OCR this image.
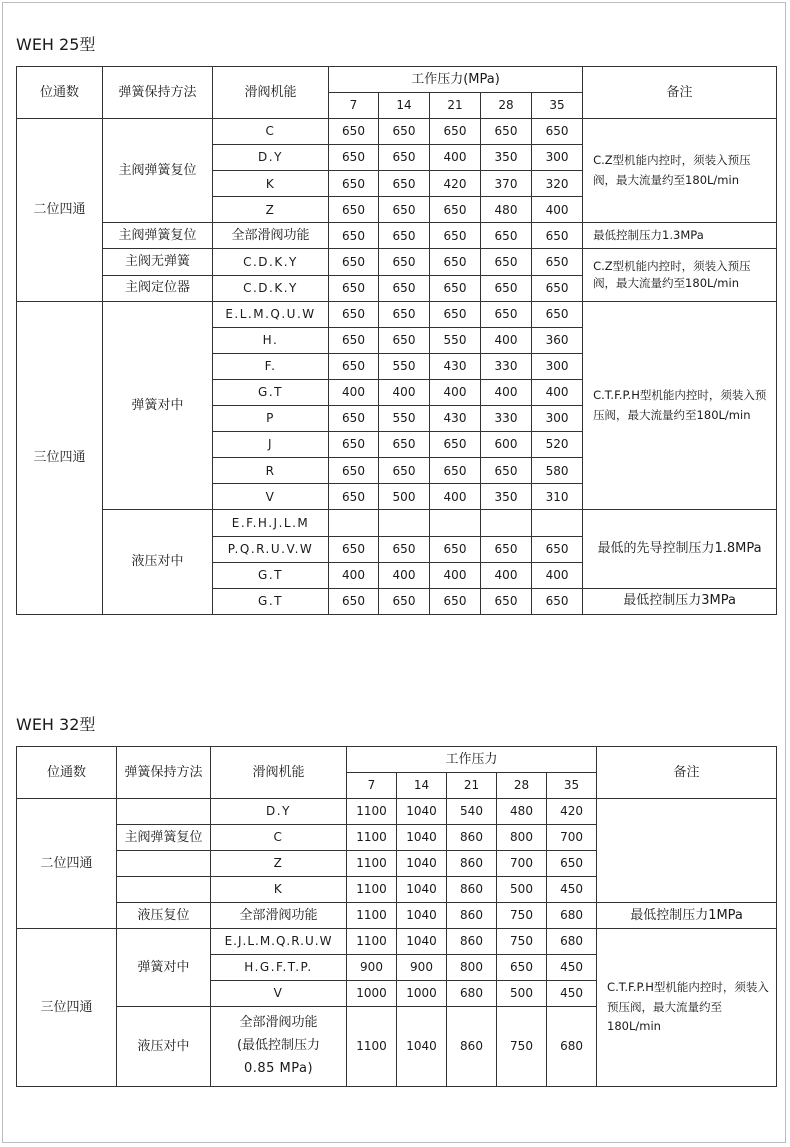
WEH 25型
位通数	弹簧保持方法	滑阀机能	工作压力(MPa)					备注
			7	14	21	28	35	
二位四通	主阀弹簧复位	C	650	650	650	650	650	C.Z型机能内控时，须装入预压阀，最大流量约至180L/min
		D.Y	650	650	400	350	300	
		K	650	650	420	370	320	
		Z	650	650	650	480	400	
	主阀弹簧复位	全部滑阀功能	650	650	650	650	650	最低控制压力1.3MPa
	主阀无弹簧	C.D.K.Y	650	650	650	650	650	C.Z型机能内控时，须装入预压阀，最大流量约至180L/min
	主阀定位器	C.D.K.Y	650	650	650	650	650	
三位四通	弹簧对中	E.L.M.Q.U.W	650	650	650	650	650	C.T.F.P.H型机能内控时，须装入预压阀，最大流量约至180L/min
		H.	650	650	550	400	360	
		F.	650	550	430	330	300	
		G.T	400	400	400	400	400	
		P	650	550	430	330	300	
		J	650	650	650	600	520	
		R	650	650	650	650	580	
		V	650	500	400	350	310	
	液压对中	E.F.H.J.L.M						最低的先导控制压力1.8MPa
		P.Q.R.U.V.W	650	650	650	650	650	
		G.T	400	400	400	400	400	
		G.T	650	650	650	650	650	最低控制压力3MPa
WEH 32型
位通数	弹簧保持方法	滑阀机能	工作压力					备注
			7	14	21	28	35	
二位四通		D.Y	1100	1040	540	480	420	
	主阀弹簧复位	C	1100	1040	860	800	700	
		Z	1100	1040	860	700	650	
		K	1100	1040	860	500	450	
	液压复位	全部滑阀功能	1100	1040	860	750	680	最低控制压力1MPa
三位四通	弹簧对中	E.J.L.M.Q.R.U.W	1100	1040	860	750	680	C.T.F.P.H型机能内控时，须装入预压阀，最大流量约至180L/min
		H.G.F.T.P.	900	900	800	650	450	
		V	1000	1000	680	500	450	
	液压对中	全部滑阀功能
(最低控制压力
0.85 MPa)	1100	1040	860	750	680	
